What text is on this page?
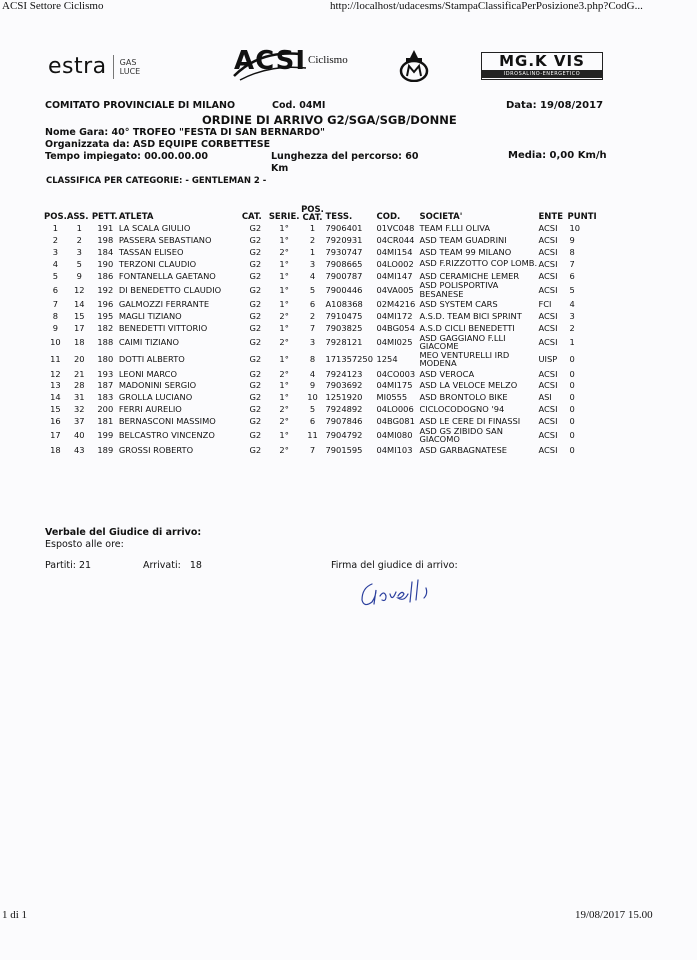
ACSI Settore Ciclismo	http://localhost/udacesms/StampaClassificaPerPosizione3.php?CodG...
estra GAS
LUCE	ACSI Ciclismo	MG.K VIS
IDROSALINO-ENERGETICO
COMITATO PROVINCIALE DI MILANO	Cod. 04MI	Data: 19/08/2017
ORDINE DI ARRIVO G2/SGA/SGB/DONNE
Nome Gara: 40° TROFEO "FESTA DI SAN BERNARDO"
Organizzata da: ASD EQUIPE CORBETTESE
Tempo impiegato: 00.00.00.00	Lunghezza del percorso: 60
Km
Media: 0,00 Km/h
CLASSIFICA PER CATEGORIE: - GENTLEMAN 2 -
POS.	ASS.	PETT.	ATLETA	CAT.	SERIE.	POS. CAT.	TESS.	COD.	SOCIETA'	ENTE	PUNTI
1	1	191	LA SCALA GIULIO	G2	1°	1	7906401	01VC048	TEAM F.LLI OLIVA	ACSI	10
2	2	198	PASSERA SEBASTIANO	G2	1°	2	7920931	04CR044	ASD TEAM GUADRINI	ACSI	9
3	3	184	TASSAN ELISEO	G2	2°	1	7930747	04MI154	ASD TEAM 99 MILANO	ACSI	8
4	5	190	TERZONI CLAUDIO	G2	1°	3	7908665	04LO002	ASD F.RIZZOTTO COP LOMB.	ACSI	7
5	9	186	FONTANELLA GAETANO	G2	1°	4	7900787	04MI147	ASD CERAMICHE LEMER	ACSI	6
6	12	192	DI BENEDETTO CLAUDIO	G2	1°	5	7900446	04VA005	ASD POLISPORTIVA BESANESE	ACSI	5
7	14	196	GALMOZZI FERRANTE	G2	1°	6	A108368	02M4216	ASD SYSTEM CARS	FCI	4
8	15	195	MAGLI TIZIANO	G2	2°	2	7910475	04MI172	A.S.D. TEAM BICI SPRINT	ACSI	3
9	17	182	BENEDETTI VITTORIO	G2	1°	7	7903825	04BG054	A.S.D CICLI BENEDETTI	ACSI	2
10	18	188	CAIMI TIZIANO	G2	2°	3	7928121	04MI025	ASD GAGGIANO F.LLI GIACOME	ACSI	1
11	20	180	DOTTI ALBERTO	G2	1°	8	171357250	1254	MEO VENTURELLI IRD MODENA	UISP	0
12	21	193	LEONI MARCO	G2	2°	4	7924123	04CO003	ASD VEROCA	ACSI	0
13	28	187	MADONINI SERGIO	G2	1°	9	7903692	04MI175	ASD LA VELOCE MELZO	ACSI	0
14	31	183	GROLLA LUCIANO	G2	1°	10	1251920	MI0555	ASD BRONTOLO BIKE	ASI	0
15	32	200	FERRI AURELIO	G2	2°	5	7924892	04LO006	CICLOCODOGNO '94	ACSI	0
16	37	181	BERNASCONI MASSIMO	G2	2°	6	7907846	04BG081	ASD LE CERE DI FINASSI	ACSI	0
17	40	199	BELCASTRO VINCENZO	G2	1°	11	7904792	04MI080	ASD GS ZIBIDO SAN GIACOMO	ACSI	0
18	43	189	GROSSI ROBERTO	G2	2°	7	7901595	04MI103	ASD GARBAGNATESE	ACSI	0
Verbale del Giudice di arrivo:
Esposto alle ore:
Partiti: 21	Arrivati: 18	Firma del giudice di arrivo:
1 di 1	19/08/2017 15.00
